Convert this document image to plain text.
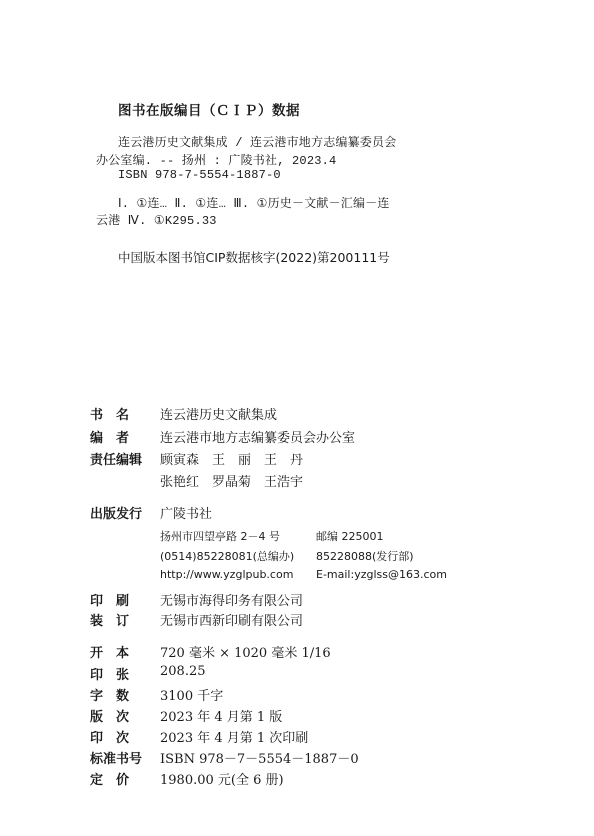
图书在版编目（ＣＩＰ）数据
连云港历史文献集成 / 连云港市地方志编纂委员会
办公室编. -- 扬州 : 广陵书社, 2023.4
ISBN 978-7-5554-1887-0
Ⅰ. ①连… Ⅱ. ①连… Ⅲ. ①历史－文献－汇编－连
云港 Ⅳ. ①K295.33
中国版本图书馆CIP数据核字(2022)第200111号
书　名	连云港历史文献集成
编　者	连云港市地方志编纂委员会办公室
责任编辑	顾寅森　王　丽　王　丹
张艳红　罗晶菊　王浩宇
出版发行	广陵书社
扬州市四望亭路 2－4 号	邮编 225001
(0514)85228081(总编办) 85228088(发行部)
http://www.yzglpub.com E-mail:yzglss@163.com
印　刷	无锡市海得印务有限公司
装　订	无锡市西新印刷有限公司
开　本	720 毫米 × 1020 毫米 1/16
印　张	208.25
字　数	3100 千字
版　次	2023 年 4 月第 1 版
印　次	2023 年 4 月第 1 次印刷
标准书号	ISBN 978－7－5554－1887－0
定　价	1980.00 元(全 6 册)
